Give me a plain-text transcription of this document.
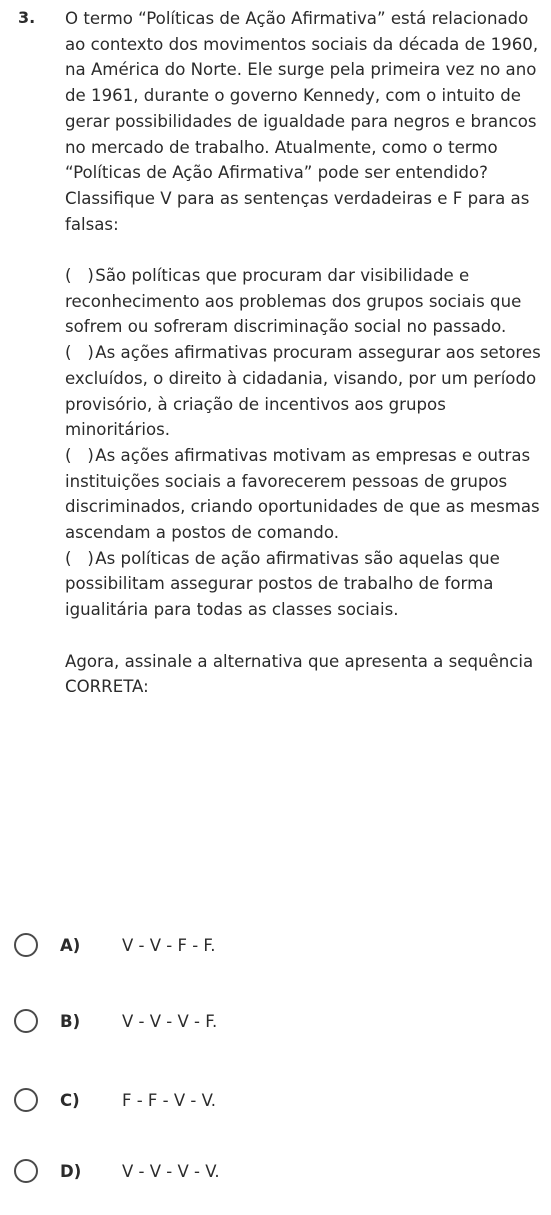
3. O termo “Políticas de Ação Afirmativa” está relacionado ao contexto dos movimentos sociais da década de 1960, na América do Norte. Ele surge pela primeira vez no ano de 1961, durante o governo Kennedy, com o intuito de gerar possibilidades de igualdade para negros e brancos no mercado de trabalho. Atualmente, como o termo “Políticas de Ação Afirmativa” pode ser entendido? Classifique V para as sentenças verdadeiras e F para as falsas:

( ) São políticas que procuram dar visibilidade e reconhecimento aos problemas dos grupos sociais que sofrem ou sofreram discriminação social no passado.

( ) As ações afirmativas procuram assegurar aos setores excluídos, o direito à cidadania, visando, por um período provisório, à criação de incentivos aos grupos minoritários.

( ) As ações afirmativas motivam as empresas e outras instituições sociais a favorecerem pessoas de grupos discriminados, criando oportunidades de que as mesmas ascendam a postos de comando.

( ) As políticas de ação afirmativas são aquelas que possibilitam assegurar postos de trabalho de forma igualitária para todas as classes sociais.

Agora, assinale a alternativa que apresenta a sequência CORRETA:

A)	V - V - F - F.
B)	V - V - V - F.
C)	F - F - V - V.
D) V - V - V - V.
